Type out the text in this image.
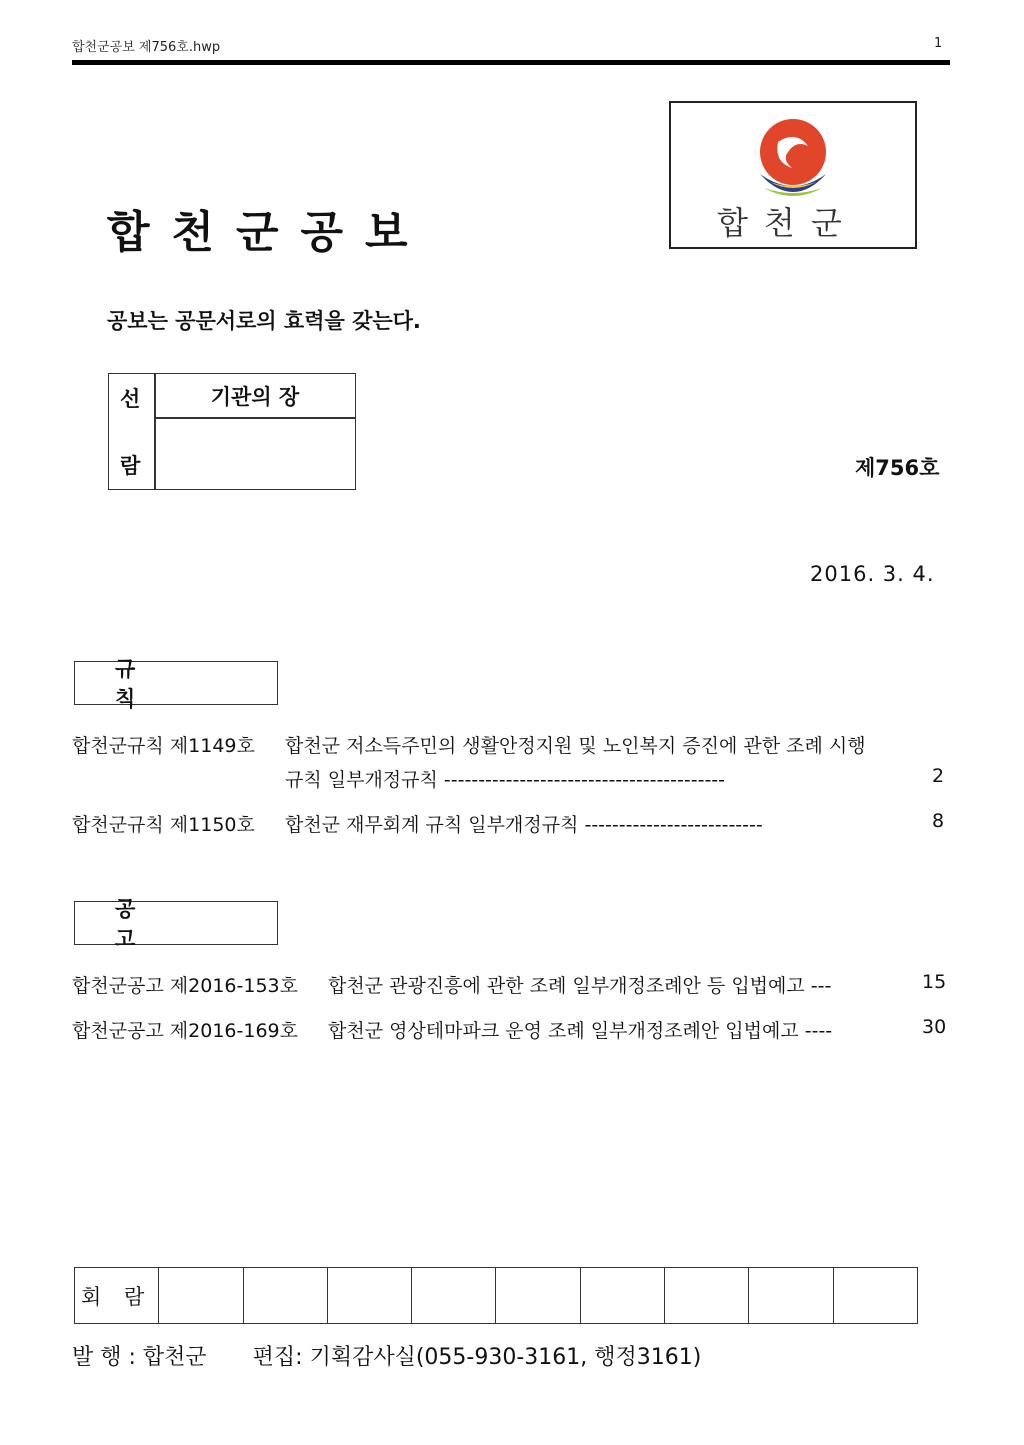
합천군공보 제756호.hwp	1
합천군공보	합천군
공보는 공문서로의 효력을 갖는다.
선
람
기관의 장
제756호
2016. 3. 4.
규 칙
합천군규칙 제1149호 합천군 저소득주민의 생활안정지원 및 노인복지 증진에 관한 조례 시행
규칙 일부개정규칙 -----------------------------------------	2
합천군규칙 제1150호 합천군 재무회계 규칙 일부개정규칙 --------------------------	8
공 고
합천군공고 제2016-153호 합천군 관광진흥에 관한 조례 일부개정조례안 등 입법예고 ---	15
합천군공고 제2016-169호 합천군 영상테마파크 운영 조례 일부개정조례안 입법예고 ----	30
회 람
발 행 : 합천군 편집: 기획감사실(055-930-3161, 행정3161)
